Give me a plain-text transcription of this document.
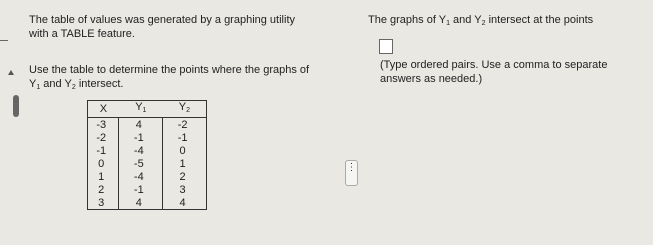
The table of values was generated by a graphing utility

with a TABLE feature.

Use the table to determine the points where the graphs of

$Y_1$ and $Y_2$ intersect.

X	$Y_1$	$Y_2$
-3	4	-2
-2	-1	-1
-1	-4	0
0	-5	1
1	-4	2
2	-1	3
3	4	4
⋮

The graphs of $Y_1$ and $Y_2$ intersect at the points

(Type ordered pairs. Use a comma to separate
answers as needed.)
